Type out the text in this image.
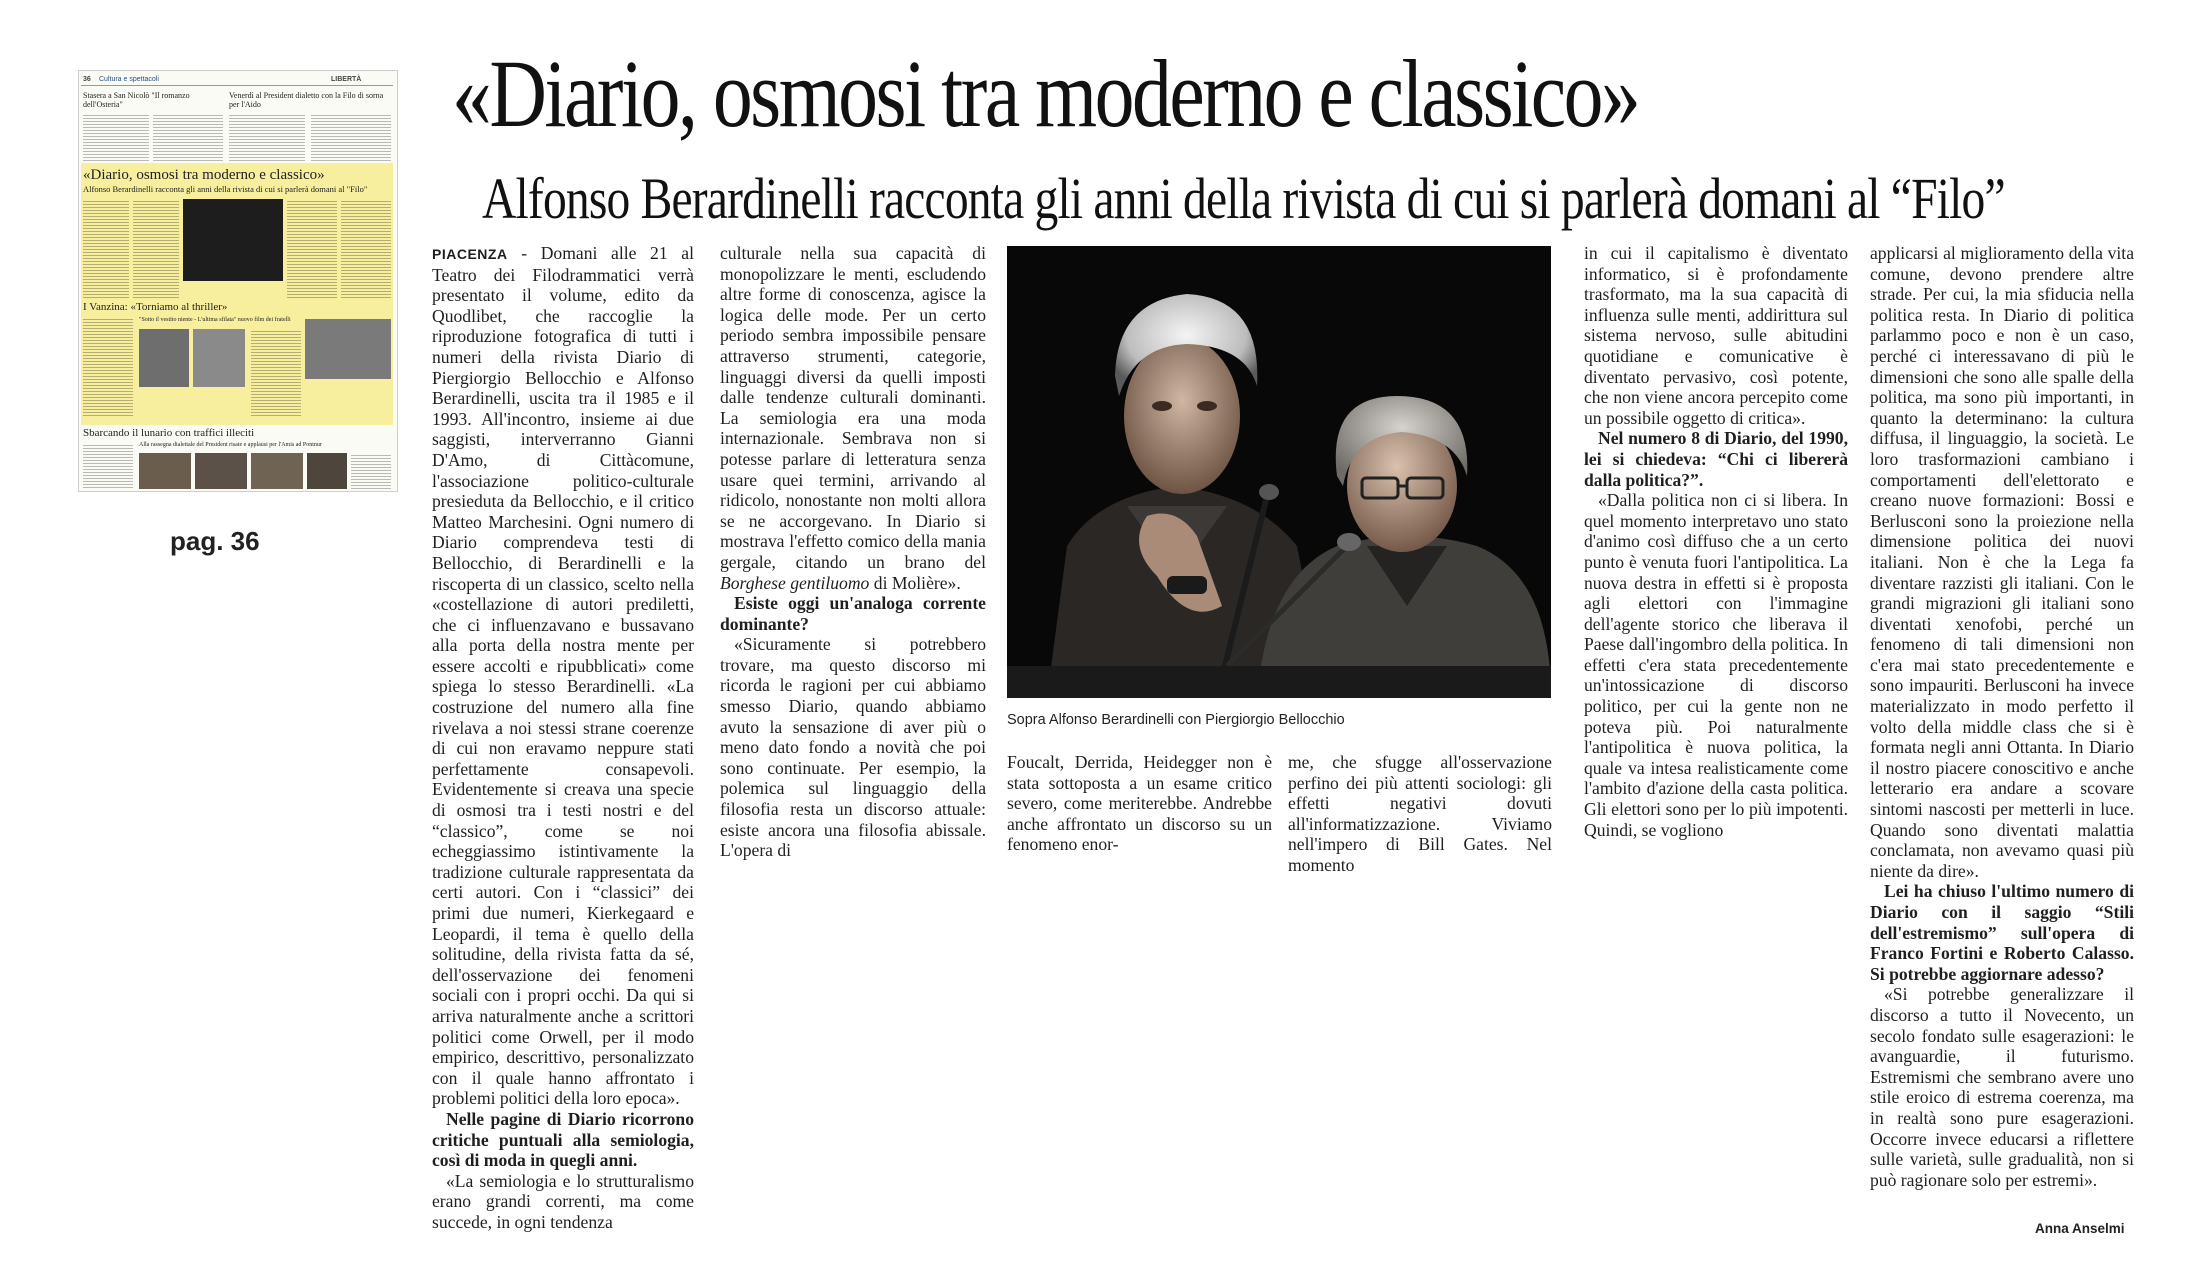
36 Cultura e spettacoli	LIBERTÀ
Stasera a San Nicolò "Il romanzo dell'Osteria"
Venerdì al President dialetto con la Filo di sorna per l'Aido
«Diario, osmosi tra moderno e classico»
Alfonso Berardinelli racconta gli anni della rivista di cui si parlerà domani al "Filo"
I Vanzina: «Torniamo al thriller»
"Sotto il vestito niente - L'ultima sfilata" nuovo film dei fratelli
Sbarcando il lunario con traffici illeciti
Alla rassegna dialettale del President risate e applausi per l'Amis ad Pontnur
pag. 36
«Diario, osmosi tra moderno e classico»
Alfonso Berardinelli racconta gli anni della rivista di cui si parlerà domani al “Filo”

PIACENZA - Domani alle 21 al Teatro dei Filodrammatici verrà presentato il volume, edito da Quodlibet, che raccoglie la riproduzione fotografica di tutti i numeri della rivista Diario di Piergiorgio Bellocchio e Alfonso Berardinelli, uscita tra il 1985 e il 1993. All'incontro, insieme ai due saggisti, interverranno Gianni D'Amo, di Cittàcomune, l'associazione politico-culturale presieduta da Bellocchio, e il critico Matteo Marchesini. Ogni numero di Diario comprendeva testi di Bellocchio, di Berardinelli e la riscoperta di un classico, scelto nella «costellazione di autori prediletti, che ci influenzavano e bussavano alla porta della nostra mente per essere accolti e ripubblicati» come spiega lo stesso Berardinelli. «La costruzione del numero alla fine rivelava a noi stessi strane coerenze di cui non eravamo neppure stati perfettamente consapevoli. Evidentemente si creava una specie di osmosi tra i testi nostri e del “classico”, come se noi echeggiassimo istintivamente la tradizione culturale rappresentata da certi autori. Con i “classici” dei primi due numeri, Kierkegaard e Leopardi, il tema è quello della solitudine, della rivista fatta da sé, dell'osservazione dei fenomeni sociali con i propri occhi. Da qui si arriva naturalmente anche a scrittori politici come Orwell, per il modo empirico, descrittivo, personalizzato con il quale hanno affrontato i problemi politici della loro epoca».

Nelle pagine di Diario ricorrono critiche puntuali alla semiologia, così di moda in quegli anni.

«La semiologia e lo strutturalismo erano grandi correnti, ma come succede, in ogni tendenza

culturale nella sua capacità di monopolizzare le menti, escludendo altre forme di conoscenza, agisce la logica delle mode. Per un certo periodo sembra impossibile pensare attraverso strumenti, categorie, linguaggi diversi da quelli imposti dalle tendenze culturali dominanti. La semiologia era una moda internazionale. Sembrava non si potesse parlare di letteratura senza usare quei termini, arrivando al ridicolo, nonostante non molti allora se ne accorgevano. In Diario si mostrava l'effetto comico della mania gergale, citando un brano del Borghese gentiluomo di Molière».

Esiste oggi un'analoga corrente dominante?

«Sicuramente si potrebbero trovare, ma questo discorso mi ricorda le ragioni per cui abbiamo smesso Diario, quando abbiamo avuto la sensazione di aver più o meno dato fondo a novità che poi sono continuate. Per esempio, la polemica sul linguaggio della filosofia resta un discorso attuale: esiste ancora una filosofia abissale. L'opera di

Sopra Alfonso Berardinelli con Piergiorgio Bellocchio

Foucalt, Derrida, Heidegger non è stata sottoposta a un esame critico severo, come meriterebbe. Andrebbe anche affrontato un discorso su un fenomeno enor-

me, che sfugge all'osservazione perfino dei più attenti sociologi: gli effetti negativi dovuti all'informatizzazione. Viviamo nell'impero di Bill Gates. Nel momento

in cui il capitalismo è diventato informatico, si è profondamente trasformato, ma la sua capacità di influenza sulle menti, addirittura sul sistema nervoso, sulle abitudini quotidiane e comunicative è diventato pervasivo, così potente, che non viene ancora percepito come un possibile oggetto di critica».

Nel numero 8 di Diario, del 1990, lei si chiedeva: “Chi ci libererà dalla politica?”.

«Dalla politica non ci si libera. In quel momento interpretavo uno stato d'animo così diffuso che a un certo punto è venuta fuori l'antipolitica. La nuova destra in effetti si è proposta agli elettori con l'immagine dell'agente storico che liberava il Paese dall'ingombro della politica. In effetti c'era stata precedentemente un'intossicazione di discorso politico, per cui la gente non ne poteva più. Poi naturalmente l'antipolitica è nuova politica, la quale va intesa realisticamente come l'ambito d'azione della casta politica. Gli elettori sono per lo più impotenti. Quindi, se vogliono

applicarsi al miglioramento della vita comune, devono prendere altre strade. Per cui, la mia sfiducia nella politica resta. In Diario di politica parlammo poco e non è un caso, perché ci interessavano di più le dimensioni che sono alle spalle della politica, ma sono più importanti, in quanto la determinano: la cultura diffusa, il linguaggio, la società. Le loro trasformazioni cambiano i comportamenti dell'elettorato e creano nuove formazioni: Bossi e Berlusconi sono la proiezione nella dimensione politica dei nuovi italiani. Non è che la Lega fa diventare razzisti gli italiani. Con le grandi migrazioni gli italiani sono diventati xenofobi, perché un fenomeno di tali dimensioni non c'era mai stato precedentemente e sono impauriti. Berlusconi ha invece materializzato in modo perfetto il volto della middle class che si è formata negli anni Ottanta. In Diario il nostro piacere conoscitivo e anche letterario era andare a scovare sintomi nascosti per metterli in luce. Quando sono diventati malattia conclamata, non avevamo quasi più niente da dire».

Lei ha chiuso l'ultimo numero di Diario con il saggio “Stili dell'estremismo” sull'opera di Franco Fortini e Roberto Calasso. Si potrebbe aggiornare adesso?

«Si potrebbe generalizzare il discorso a tutto il Novecento, un secolo fondato sulle esagerazioni: le avanguardie, il futurismo. Estremismi che sembrano avere uno stile eroico di estrema coerenza, ma in realtà sono pure esagerazioni. Occorre invece educarsi a riflettere sulle varietà, sulle gradualità, non si può ragionare solo per estremi».

Anna Anselmi
